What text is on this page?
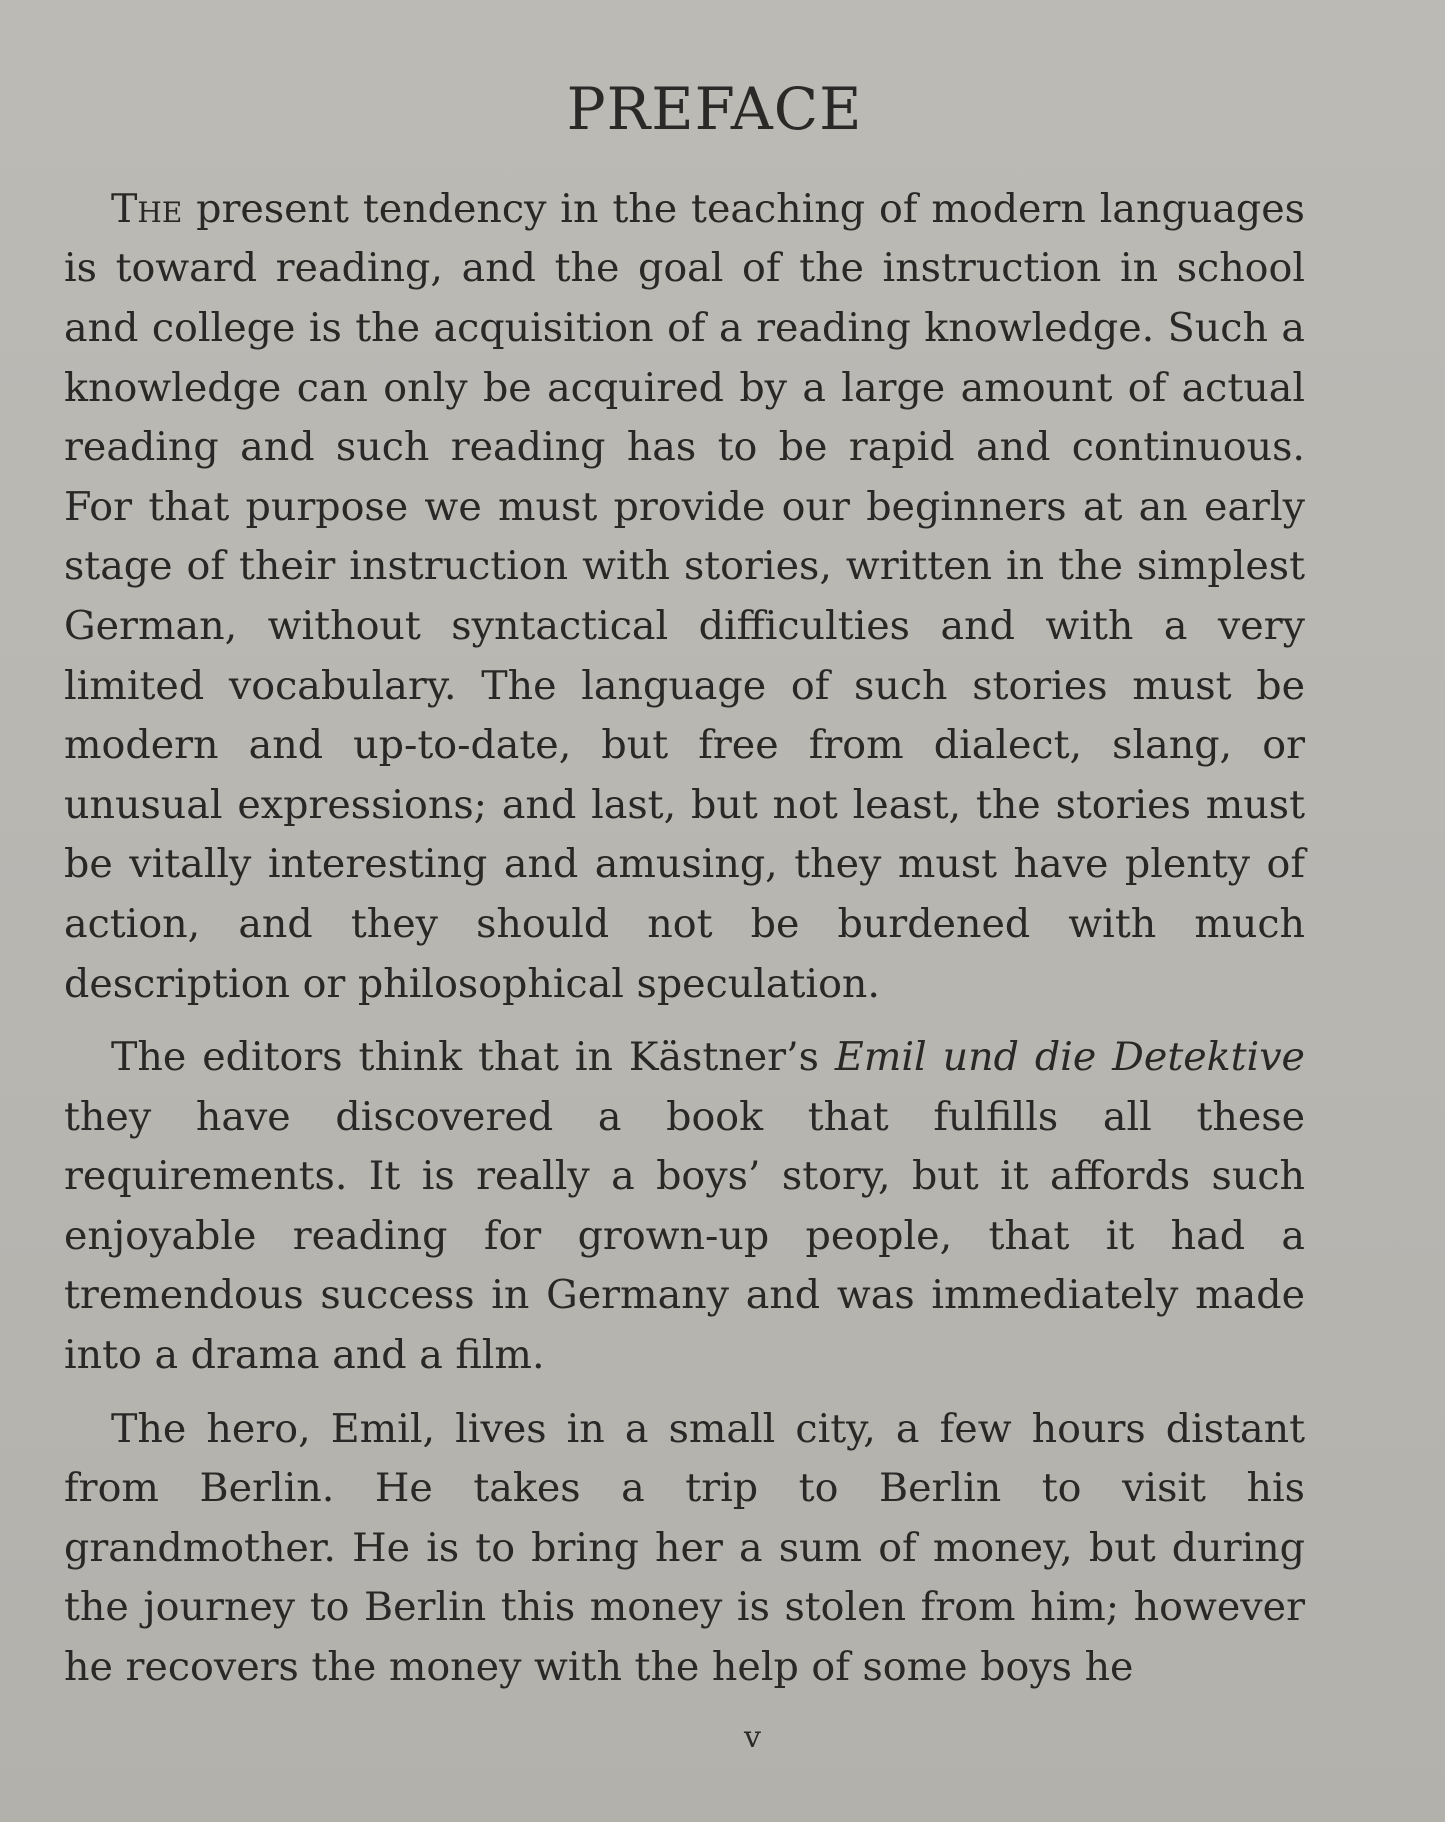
PREFACE

The present tendency in the teaching of modern languages is toward reading, and the goal of the instruction in school and college is the acquisition of a reading knowledge. Such a knowledge can only be acquired by a large amount of actual reading and such reading has to be rapid and continuous. For that purpose we must provide our beginners at an early stage of their instruction with stories, written in the simplest German, without syntactical difficulties and with a very limited vocabulary. The language of such stories must be modern and up-to-date, but free from dialect, slang, or unusual expressions; and last, but not least, the stories must be vitally interesting and amusing, they must have plenty of action, and they should not be burdened with much description or philosophical speculation.

The editors think that in Kästner’s Emil und die Detektive they have discovered a book that fulfills all these requirements. It is really a boys’ story, but it affords such enjoyable reading for grown-up people, that it had a tremendous success in Germany and was immediately made into a drama and a film.

The hero, Emil, lives in a small city, a few hours distant from Berlin. He takes a trip to Berlin to visit his grandmother. He is to bring her a sum of money, but during the journey to Berlin this money is stolen from him; however he recovers the money with the help of some boys he

v
